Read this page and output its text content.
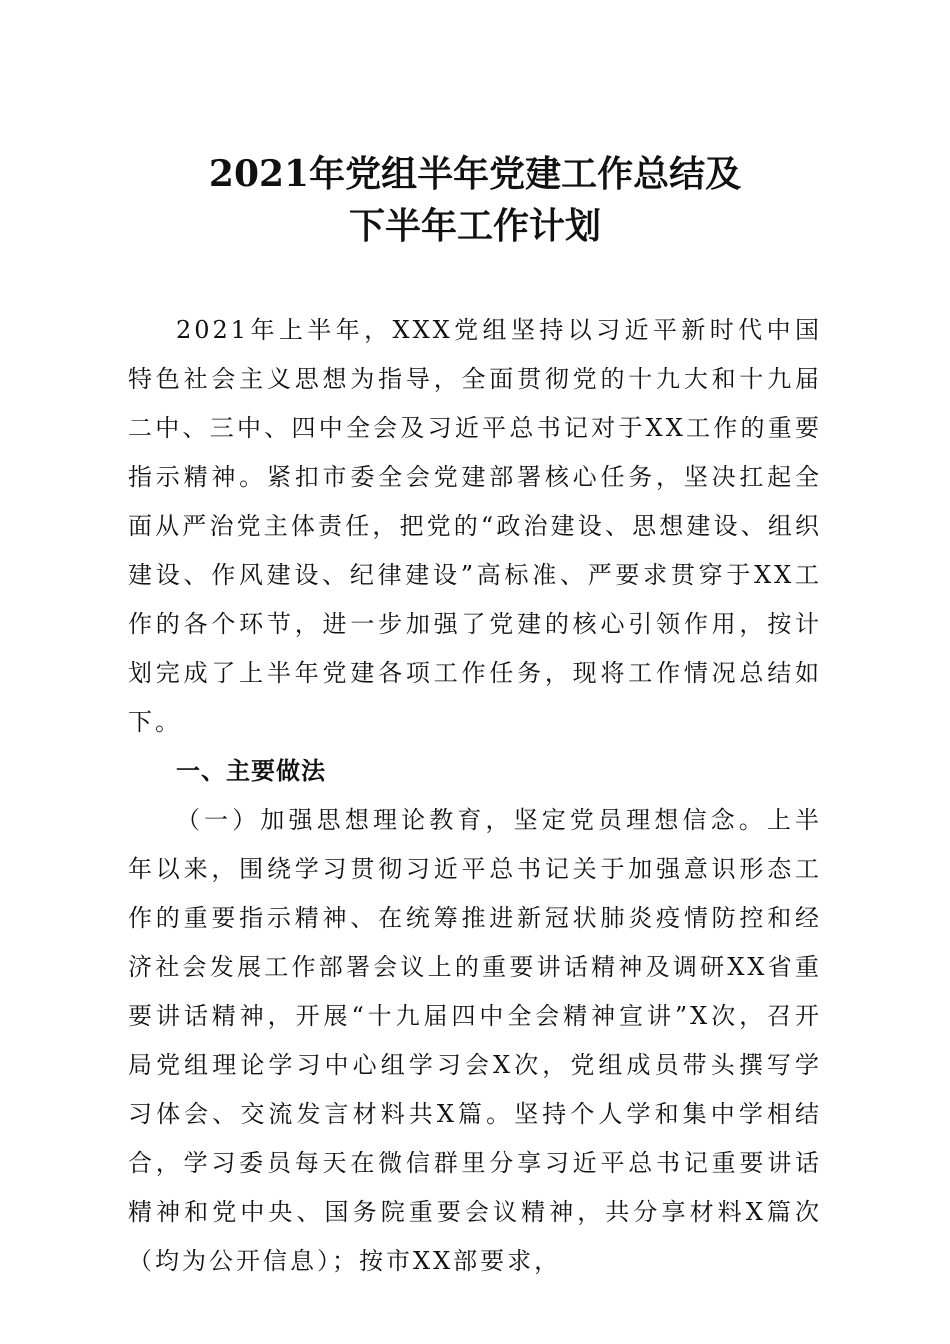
2021年党组半年党建工作总结及
下半年工作计划

2021年上半年，XXX党组坚持以习近平新时代中国特色社会主义思想为指导，全面贯彻党的十九大和十九届二中、三中、四中全会及习近平总书记对于XX工作的重要指示精神。紧扣市委全会党建部署核心任务，坚决扛起全面从严治党主体责任，把党的“政治建设、思想建设、组织建设、作风建设、纪律建设”高标准、严要求贯穿于XX工作的各个环节，进一步加强了党建的核心引领作用，按计划完成了上半年党建各项工作任务，现将工作情况总结如下。

一、主要做法

（一）加强思想理论教育，坚定党员理想信念。上半年以来，围绕学习贯彻习近平总书记关于加强意识形态工作的重要指示精神、在统筹推进新冠状肺炎疫情防控和经济社会发展工作部署会议上的重要讲话精神及调研XX省重要讲话精神，开展“十九届四中全会精神宣讲”X次，召开局党组理论学习中心组学习会X次，党组成员带头撰写学习体会、交流发言材料共X篇。坚持个人学和集中学相结合，学习委员每天在微信群里分享习近平总书记重要讲话精神和党中央、国务院重要会议精神，共分享材料X篇次（均为公开信息）；按市XX部要求，
